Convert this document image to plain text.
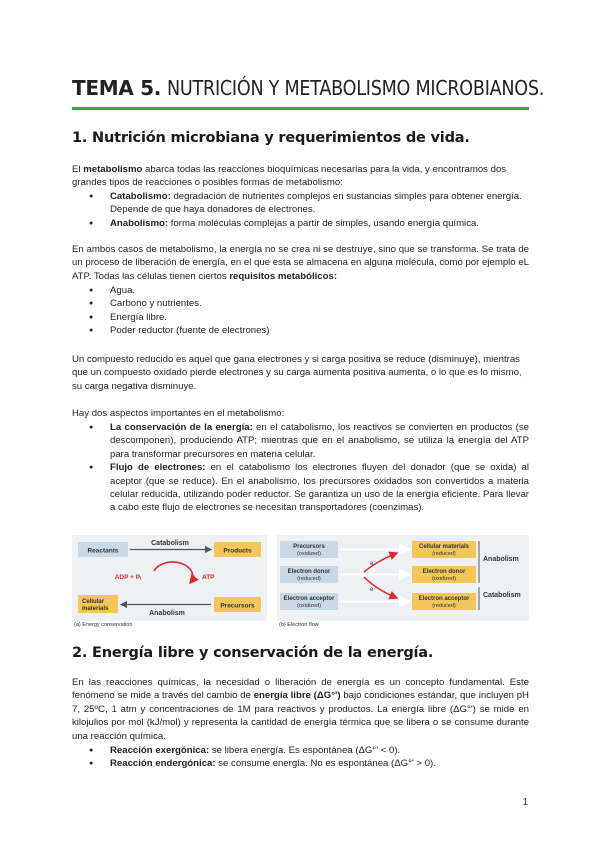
TEMA 5. NUTRICIÓN Y METABOLISMO MICROBIANOS.
1. Nutrición microbiana y requerimientos de vida.

El metabolismo abarca todas las reacciones bioquímicas necesarias para la vida, y encontramos dos grandes tipos de reacciones o posibles formas de metabolismo:

● Catabolismo: degradación de nutrientes complejos en sustancias simples para obtener energía. Depende de que haya donadores de electrones.
● Anabolismo: forma moléculas complejas a partir de simples, usando energía química.

En ambos casos de metabolismo, la energía no se crea ni se destruye, sino que se transforma. Se trata de un proceso de liberación de energía, en el que esta se almacena en alguna molécula, como por ejemplo eL ATP. Todas las células tienen ciertos requisitos metabólicos:

● Agua.
● Carbono y nutrientes.
● Energía libre.
● Poder reductor (fuente de electrones)

Un compuesto reducido es aquel que gana electrones y si carga positiva se reduce (disminuye), mientras que un compuesto oxidado pierde electrones y su carga aumenta positiva aumenta, o lo que es lo mismo, su carga negativa disminuye.

Hay dos aspectos importantes en el metabolismo:

● La conservación de la energía: en el catabolismo, los reactivos se convierten en productos (se descomponen), produciendo ATP; mientras que en el anabolismo, se utiliza la energía del ATP para transformar precursores en materia celular.
● Flujo de electrones: en el catabolismo los electrones fluyen del donador (que se oxida) al aceptor (que se reduce). En el anabolismo, los precursores oxidados son convertidos a materia celular reducida, utilizando poder reductor. Se garantiza un uso de la energía eficiente. Para llevar a cabo este flujo de electrones se necesitan transportadores (coenzimas).
Reactants	Products
Catabolism
ADP + Pᵢ	ATP
Cellular
materials	Precursors
Anabolism
(a) Energy conservation
Precursors
(oxidized)
Cellular materials
(reduced)
Electron donor
(reduced)
Electron donor
(oxidized)
Electron acceptor
(oxidized)
Electron acceptor
(reduced)
e⁻
e⁻
Anabolism
Catabolism
(b) Electron flow
2. Energía libre y conservación de la energía.

En las reacciones químicas, la necesidad o liberación de energía es un concepto fundamental. Este fenómeno se mide a través del cambio de energía libre (ΔG°') bajo condiciones estándar, que incluyen pH 7, 25ºC, 1 atm y concentraciones de 1M para reactivos y productos. La energía libre (ΔG°') se mide en kilojulios por mol (kJ/mol) y representa la cantidad de energía térmica que se libera o se consume durante una reacción química.

● Reacción exergónica: se libera energía. Es espontánea (ΔG°' < 0).
● Reacción endergónica: se consume energía. No es espontánea (ΔG°' > 0).
1
